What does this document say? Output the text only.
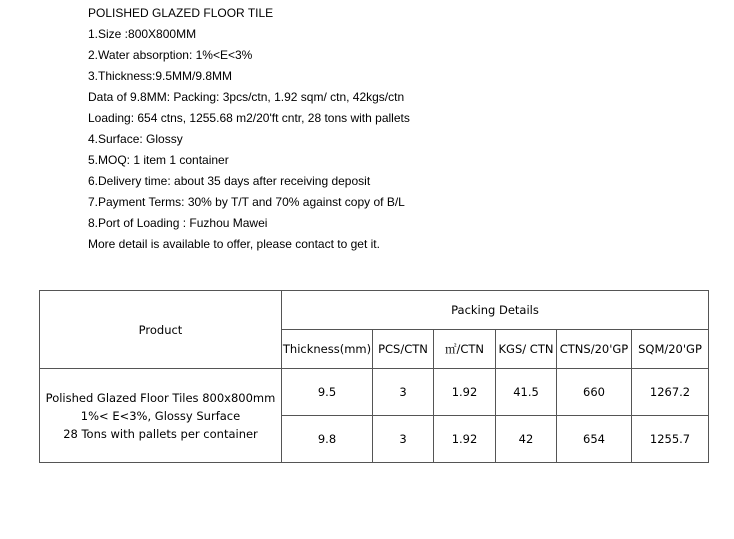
POLISHED GLAZED FLOOR TILE
1.Size :800X800MM
2.Water absorption: 1%<E<3%
3.Thickness:9.5MM/9.8MM
Data of 9.8MM: Packing: 3pcs/ctn, 1.92 sqm/ ctn, 42kgs/ctn
Loading: 654 ctns, 1255.68 m2/20'ft cntr, 28 tons with pallets
4.Surface: Glossy
5.MOQ: 1 item 1 container
6.Delivery time: about 35 days after receiving deposit
7.Payment Terms: 30% by T/T and 70% against copy of B/L
8.Port of Loading : Fuzhou Mawei
More detail is available to offer, please contact to get it.
Product	Packing Details					
	Thickness(mm)	PCS/CTN	㎡/CTN	KGS/ CTN	CTNS/20'GP	SQM/20'GP

Polished Glazed Floor Tiles 800x800mm
1%< E<3%, Glossy Surface
28 Tons with pallets per container	9.5	3	1.92	41.5	660	1267.2
	9.8	3	1.92	42	654	1255.7
